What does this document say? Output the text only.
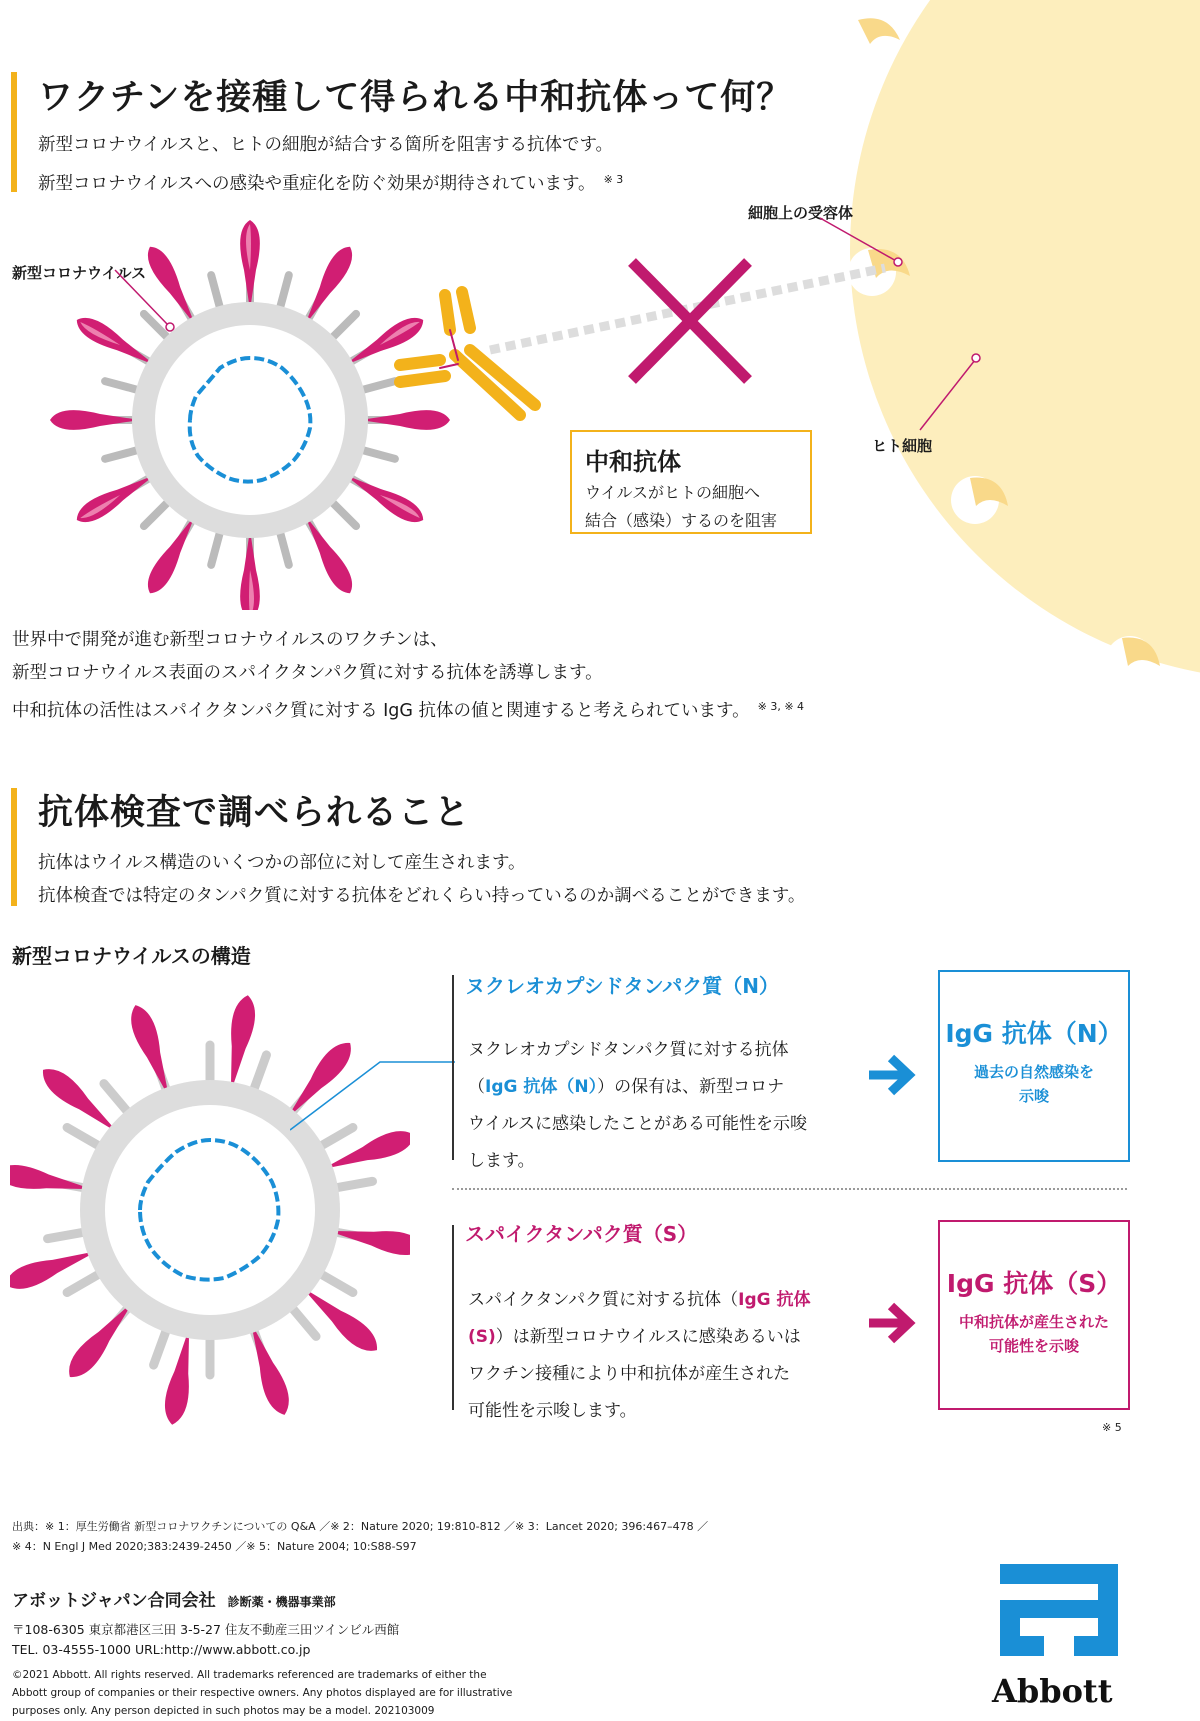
ワクチンを接種して得られる中和抗体って何？
新型コロナウイルスと、ヒトの細胞が結合する箇所を阻害する抗体です。
新型コロナウイルスへの感染や重症化を防ぐ効果が期待されています。 $^{※ 3}$
新型コロナウイルス
細胞上の受容体
ヒト細胞
中和抗体
ウイルスがヒトの細胞へ
結合（感染）するのを阻害
世界中で開発が進む新型コロナウイルスのワクチンは、
新型コロナウイルス表面のスパイクタンパク質に対する抗体を誘導します。
中和抗体の活性はスパイクタンパク質に対する IgG 抗体の値と関連すると考えられています。 $^{※ 3, ※ 4}$
抗体検査で調べられること
抗体はウイルス構造のいくつかの部位に対して産生されます。
抗体検査では特定のタンパク質に対する抗体をどれくらい持っているのか調べることができます。
新型コロナウイルスの構造
ヌクレオカプシドタンパク質（N）
ヌクレオカプシドタンパク質に対する抗体
（IgG 抗体（N））の保有は、新型コロナ
ウイルスに感染したことがある可能性を示唆
します。
IgG 抗体（N）
過去の自然感染を
示唆
スパイクタンパク質（S）
スパイクタンパク質に対する抗体（IgG 抗体
(S)）は新型コロナウイルスに感染あるいは
ワクチン接種により中和抗体が産生された
可能性を示唆します。
IgG 抗体（S）
中和抗体が産生された
可能性を示唆
※ 5
出典：※ 1：厚生労働省 新型コロナワクチンについての Q&A ／※ 2：Nature 2020; 19:810-812 ／※ 3：Lancet 2020; 396:467–478 ／
※ 4：N Engl J Med 2020;383:2439-2450 ／※ 5：Nature 2004; 10:S88-S97
アボットジャパン合同会社 診断薬・機器事業部
〒108-6305 東京都港区三田 3-5-27 住友不動産三田ツインビル西館
TEL. 03-4555-1000 URL:http://www.abbott.co.jp
©2021 Abbott. All rights reserved. All trademarks referenced are trademarks of either the
Abbott group of companies or their respective owners. Any photos displayed are for illustrative
purposes only. Any person depicted in such photos may be a model. 202103009
Abbott
